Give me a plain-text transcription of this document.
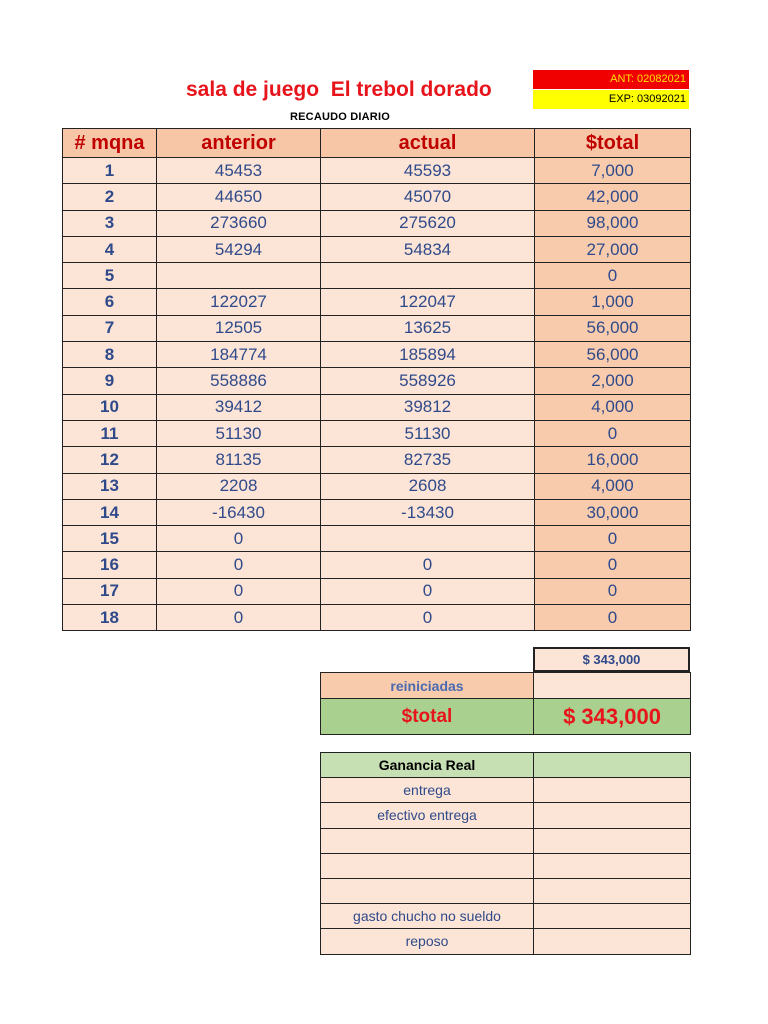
sala de juego  El trebol dorado
RECAUDO DIARIO
ANT: 02082021
EXP: 03092021
# mqna	anterior	actual	$total
1	45453	45593	7,000
2	44650	45070	42,000
3	273660	275620	98,000
4	54294	54834	27,000
5			0
6	122027	122047	1,000
7	12505	13625	56,000
8	184774	185894	56,000
9	558886	558926	2,000
10	39412	39812	4,000
11	51130	51130	0
12	81135	82735	16,000
13	2208	2608	4,000
14	-16430	-13430	30,000
15	0		0
16	0	0	0
17	0	0	0
18	0	0	0
$ 343,000
reiniciadas	
$total	$ 343,000
Ganancia Real	
entrega	
efectivo entrega	

gasto chucho no sueldo	
reposo	
